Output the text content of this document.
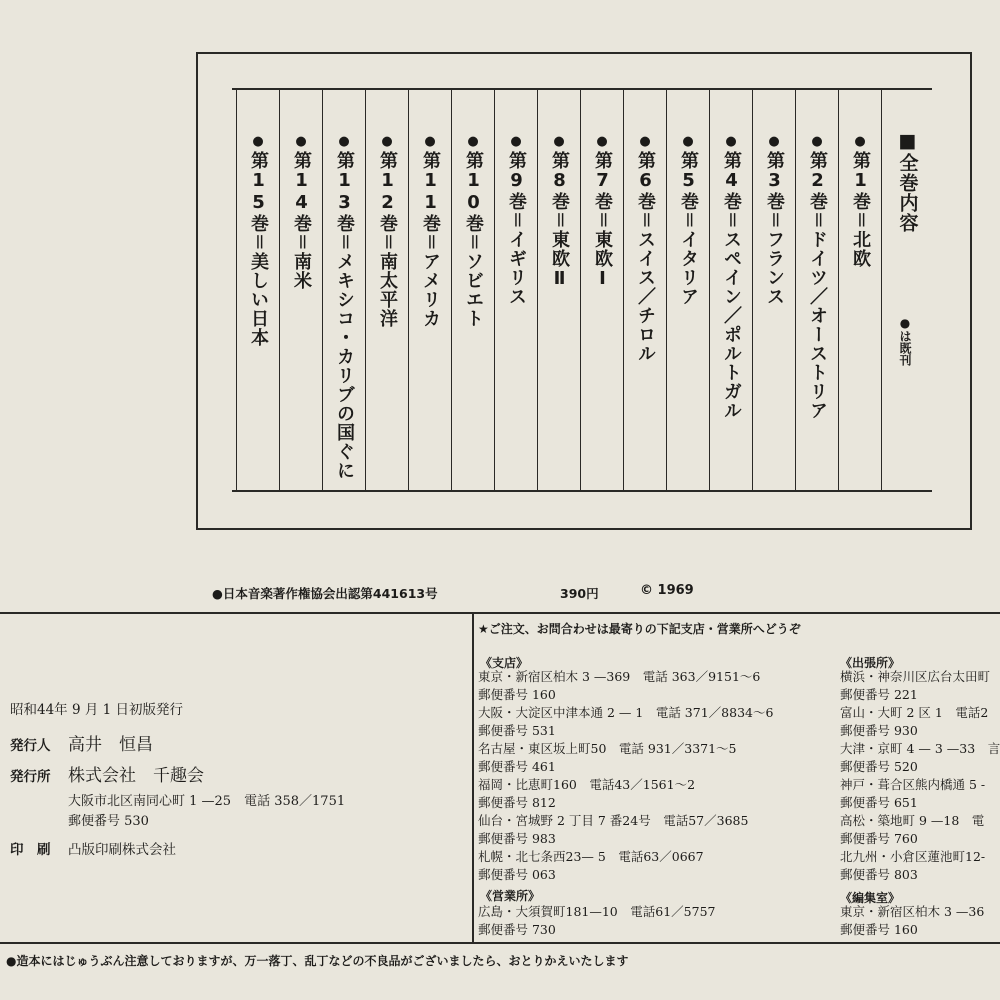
■全巻内容
●は既刊
●
第1巻＝北欧
●
第2巻＝ドイツ／オーストリア
●
第3巻＝フランス
●
第4巻＝スペイン／ポルトガル
●
第5巻＝イタリア
●
第6巻＝スイス／チロル
●
第7巻＝東欧Ⅰ
●
第8巻＝東欧Ⅱ
●
第9巻＝イギリス
●
第10巻＝ソビエト
●
第11巻＝アメリカ
●
第12巻＝南太平洋
●
第13巻＝メキシコ・カリブの国ぐに
●
第14巻＝南米
●
第15巻＝美しい日本
●日本音楽著作権協会出認第441613号	390円	© 1969
昭和44年 9 月 1 日初版発行
発行人 高井　恒昌
発行所 株式会社　千趣会
大阪市北区南同心町 1 —25　電話 358／1751
郵便番号 530
印　刷 凸版印刷株式会社
★ご注文、お問合わせは最寄りの下記支店・営業所へどうぞ
《支店》
東京・新宿区柏木 3 —369　電話 363／9151～6
郵便番号 160
大阪・大淀区中津本通 2 — 1　電話 371／8834～6
郵便番号 531
名古屋・東区坂上町50　電話 931／3371～5
郵便番号 461
福岡・比恵町160　電話43／1561～2
郵便番号 812
仙台・宮城野 2 丁目 7 番24号　電話57／3685
郵便番号 983
札幌・北七条西23— 5　電話63／0667
郵便番号 063
《営業所》
広島・大須賀町181—10　電話61／5757
郵便番号 730
《出張所》
横浜・神奈川区広台太田町
郵便番号 221
富山・大町 2 区 1　電話2
郵便番号 930
大津・京町 4 — 3 —33　言
郵便番号 520
神戸・葺合区熊内橋通 5 -
郵便番号 651
高松・築地町 9 —18　電
郵便番号 760
北九州・小倉区蓮池町12-
郵便番号 803
《編集室》
東京・新宿区柏木 3 —36
郵便番号 160
●造本にはじゅうぶん注意しておりますが、万一落丁、乱丁などの不良品がございましたら、おとりかえいたします
